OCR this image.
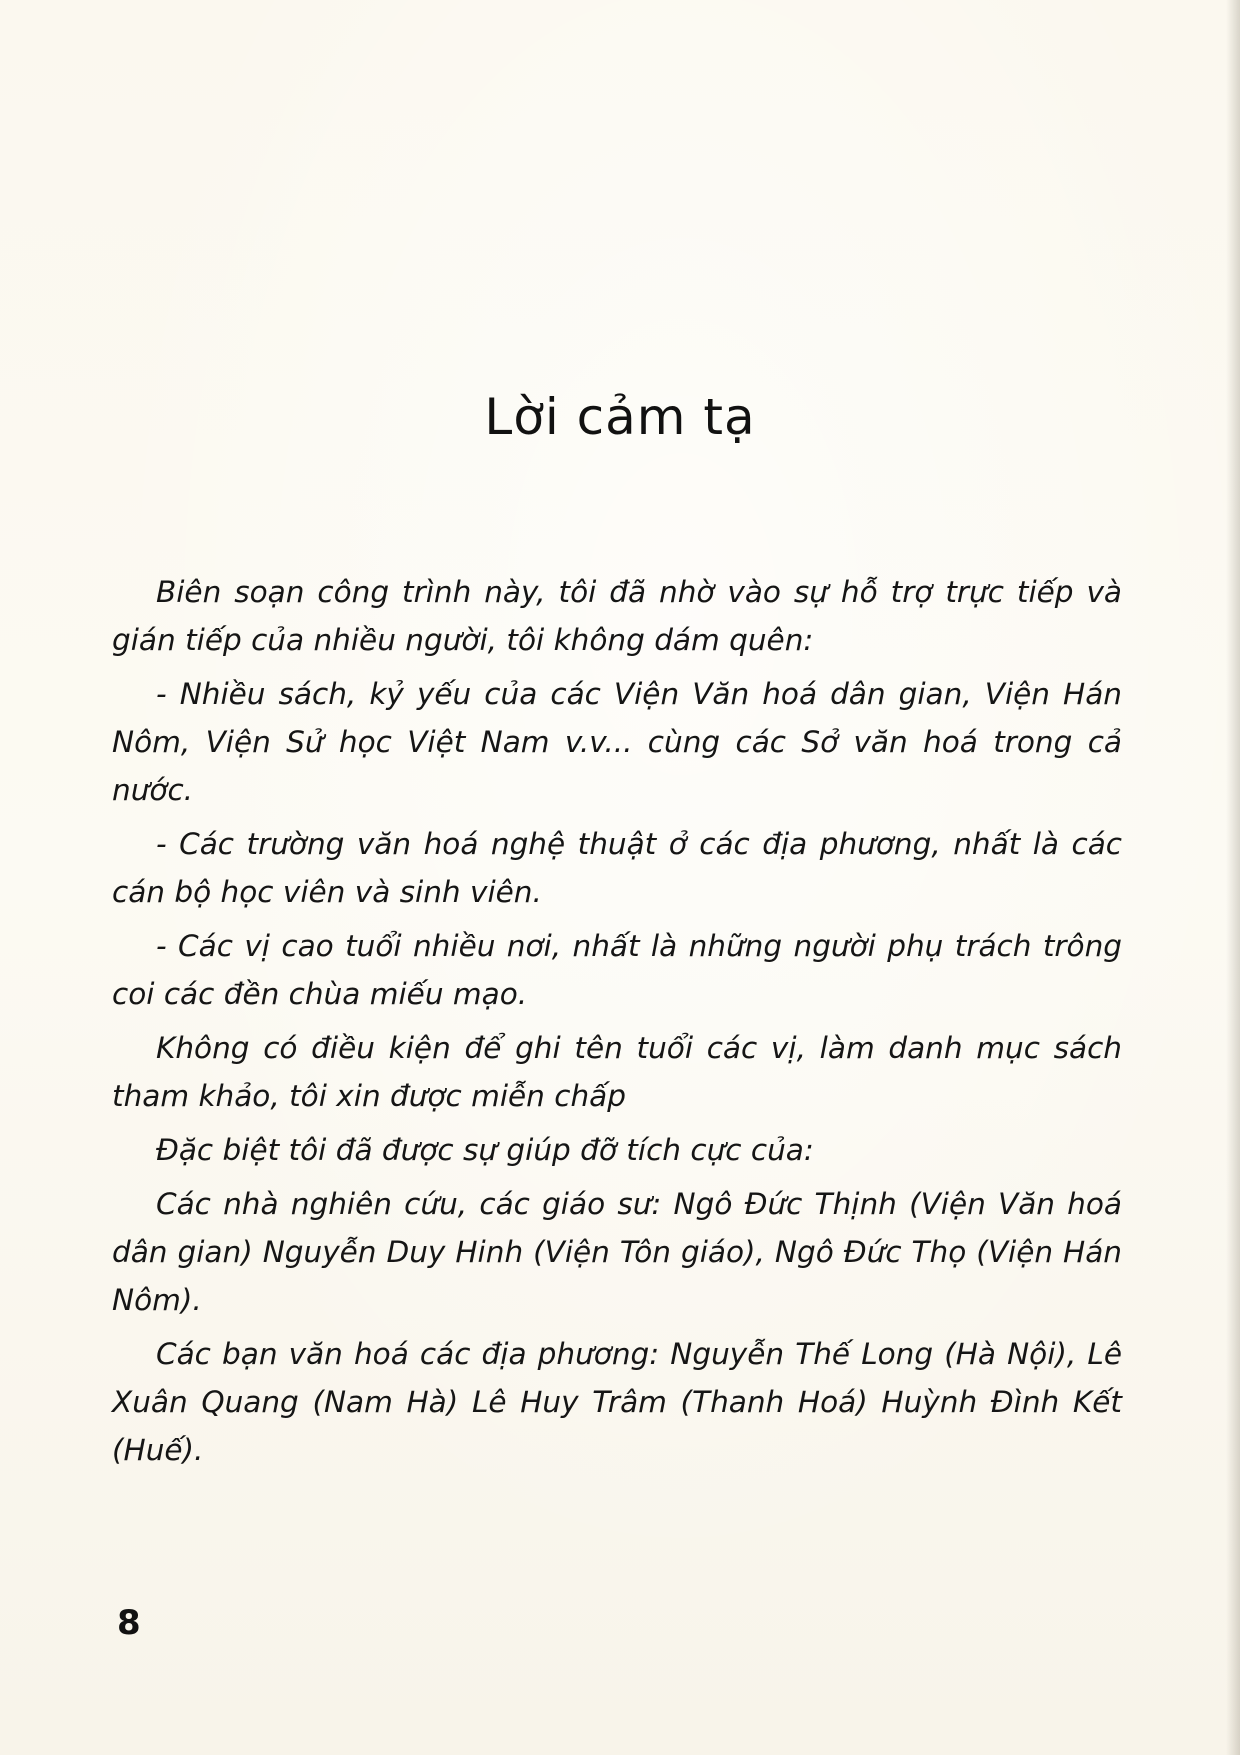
Lời cảm tạ

Biên soạn công trình này, tôi đã nhờ vào sự hỗ trợ trực tiếp và gián tiếp của nhiều người, tôi không dám quên:

- Nhiều sách, kỷ yếu của các Viện Văn hoá dân gian, Viện Hán Nôm, Viện Sử học Việt Nam v.v... cùng các Sở văn hoá trong cả nước.

- Các trường văn hoá nghệ thuật ở các địa phương, nhất là các cán bộ học viên và sinh viên.

- Các vị cao tuổi nhiều nơi, nhất là những người phụ trách trông coi các đền chùa miếu mạo.

Không có điều kiện để ghi tên tuổi các vị, làm danh mục sách tham khảo, tôi xin được miễn chấp

Đặc biệt tôi đã được sự giúp đỡ tích cực của:

Các nhà nghiên cứu, các giáo sư: Ngô Đức Thịnh (Viện Văn hoá dân gian) Nguyễn Duy Hinh (Viện Tôn giáo), Ngô Đức Thọ (Viện Hán Nôm).

Các bạn văn hoá các địa phương: Nguyễn Thế Long (Hà Nội), Lê Xuân Quang (Nam Hà) Lê Huy Trâm (Thanh Hoá) Huỳnh Đình Kết (Huế).

8
